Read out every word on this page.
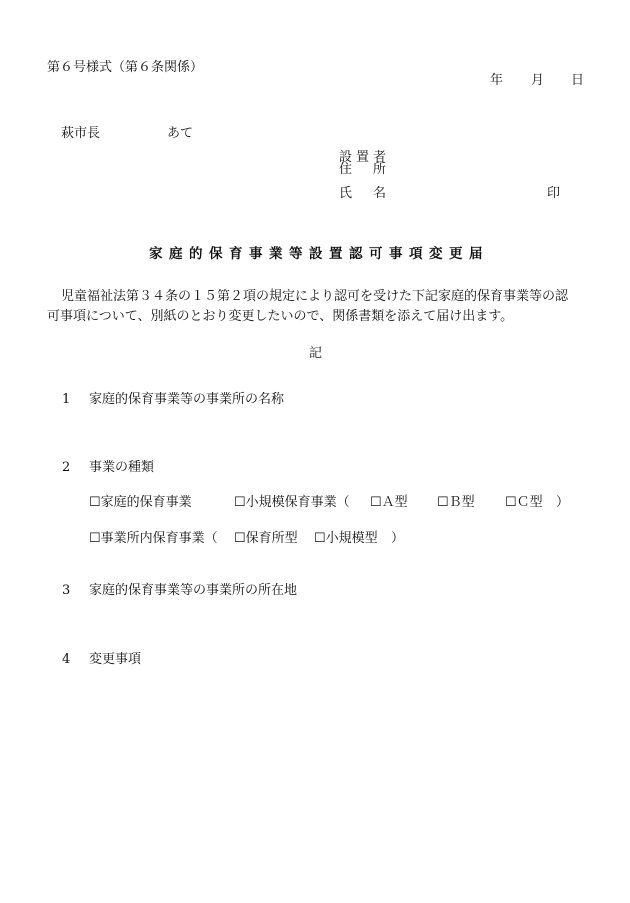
第６号様式（第６条関係）
年 月 日
萩市長	あて
設 置 者
住 所
氏 名	印
家庭的保育事業等設置認可事項変更届
児童福祉法第３４条の１５第２項の規定により認可を受けた下記家庭的保育事業等の認
可事項について、別紙のとおり変更したいので、関係書類を添えて届け出ます。
記
1 家庭的保育事業等の事業所の名称
2 事業の種類
☐家庭的保育事業	☐小規模保育事業（ ☐Ａ型 ☐Ｂ型 ☐Ｃ型 ）
☐事業所内保育事業（ ☐保育所型 ☐小規模型 ）
3 家庭的保育事業等の事業所の所在地
4 変更事項
